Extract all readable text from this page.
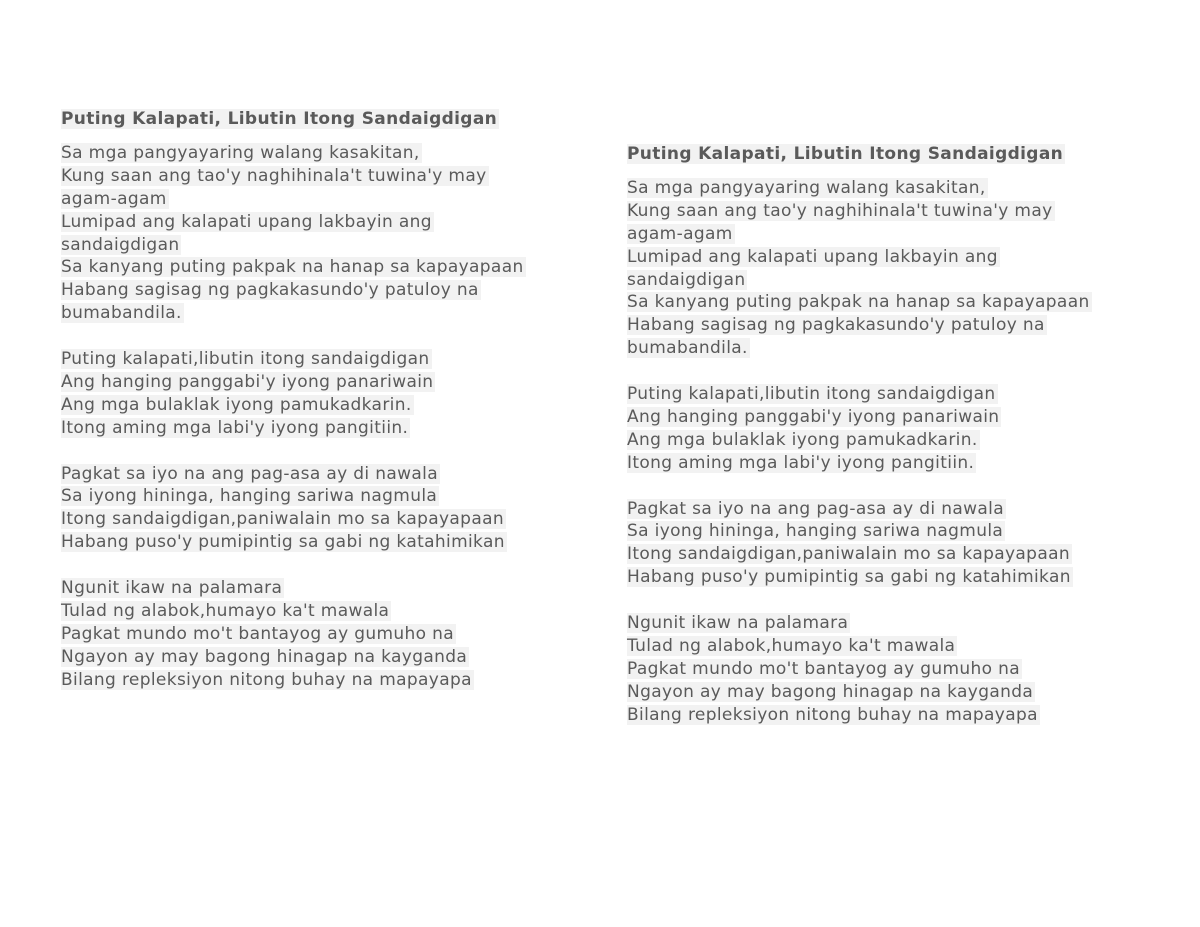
Puting Kalapati, Libutin Itong Sandaigdigan
Sa mga pangyayaring walang kasakitan,
Kung saan ang tao'y naghihinala't tuwina'y may
agam-agam
Lumipad ang kalapati upang lakbayin ang
sandaigdigan
Sa kanyang puting pakpak na hanap sa kapayapaan
Habang sagisag ng pagkakasundo'y patuloy na
bumabandila.
Puting kalapati,libutin itong sandaigdigan
Ang hanging panggabi'y iyong panariwain
Ang mga bulaklak iyong pamukadkarin.
Itong aming mga labi'y iyong pangitiin.
Pagkat sa iyo na ang pag-asa ay di nawala
Sa iyong hininga, hanging sariwa nagmula
Itong sandaigdigan,paniwalain mo sa kapayapaan
Habang puso'y pumipintig sa gabi ng katahimikan
Ngunit ikaw na palamara
Tulad ng alabok,humayo ka't mawala
Pagkat mundo mo't bantayog ay gumuho na
Ngayon ay may bagong hinagap na kayganda
Bilang repleksiyon nitong buhay na mapayapa
Puting Kalapati, Libutin Itong Sandaigdigan
Sa mga pangyayaring walang kasakitan,
Kung saan ang tao'y naghihinala't tuwina'y may
agam-agam
Lumipad ang kalapati upang lakbayin ang
sandaigdigan
Sa kanyang puting pakpak na hanap sa kapayapaan
Habang sagisag ng pagkakasundo'y patuloy na
bumabandila.
Puting kalapati,libutin itong sandaigdigan
Ang hanging panggabi'y iyong panariwain
Ang mga bulaklak iyong pamukadkarin.
Itong aming mga labi'y iyong pangitiin.
Pagkat sa iyo na ang pag-asa ay di nawala
Sa iyong hininga, hanging sariwa nagmula
Itong sandaigdigan,paniwalain mo sa kapayapaan
Habang puso'y pumipintig sa gabi ng katahimikan
Ngunit ikaw na palamara
Tulad ng alabok,humayo ka't mawala
Pagkat mundo mo't bantayog ay gumuho na
Ngayon ay may bagong hinagap na kayganda
Bilang repleksiyon nitong buhay na mapayapa
